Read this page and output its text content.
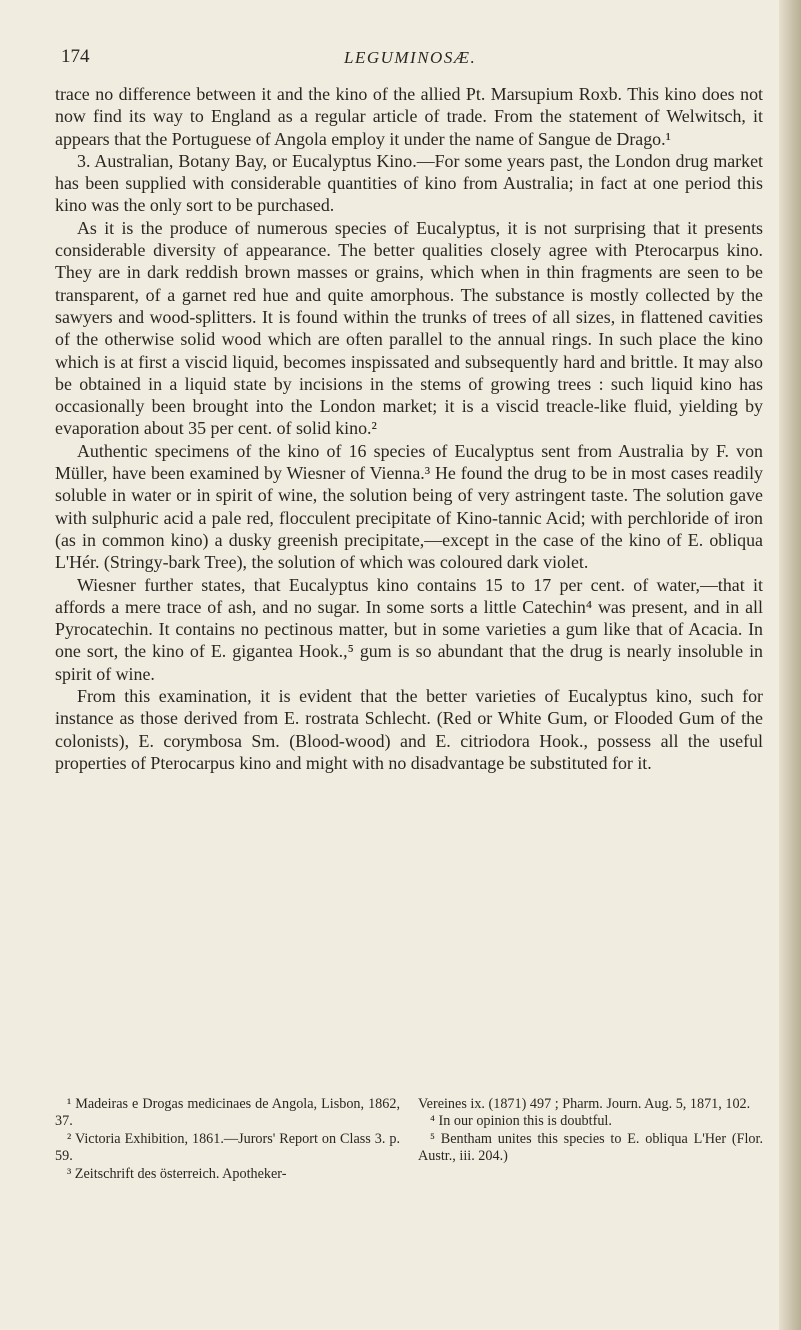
174	LEGUMINOSÆ.

trace no difference between it and the kino of the allied Pt. Marsupium Roxb. This kino does not now find its way to England as a regular article of trade. From the statement of Welwitsch, it appears that the Portuguese of Angola employ it under the name of Sangue de Drago.¹

3. Australian, Botany Bay, or Eucalyptus Kino.—For some years past, the London drug market has been supplied with considerable quantities of kino from Australia; in fact at one period this kino was the only sort to be purchased.

As it is the produce of numerous species of Eucalyptus, it is not surprising that it presents considerable diversity of appearance. The better qualities closely agree with Pterocarpus kino. They are in dark reddish brown masses or grains, which when in thin fragments are seen to be transparent, of a garnet red hue and quite amorphous. The substance is mostly collected by the sawyers and wood-splitters. It is found within the trunks of trees of all sizes, in flattened cavities of the otherwise solid wood which are often parallel to the annual rings. In such place the kino which is at first a viscid liquid, becomes inspissated and subsequently hard and brittle. It may also be obtained in a liquid state by incisions in the stems of growing trees : such liquid kino has occasionally been brought into the London market; it is a viscid treacle-like fluid, yielding by evaporation about 35 per cent. of solid kino.²

Authentic specimens of the kino of 16 species of Eucalyptus sent from Australia by F. von Müller, have been examined by Wiesner of Vienna.³ He found the drug to be in most cases readily soluble in water or in spirit of wine, the solution being of very astringent taste. The solution gave with sulphuric acid a pale red, flocculent precipitate of Kino-tannic Acid; with perchloride of iron (as in common kino) a dusky greenish precipitate,—except in the case of the kino of E. obliqua L'Hér. (Stringy-bark Tree), the solution of which was coloured dark violet.

Wiesner further states, that Eucalyptus kino contains 15 to 17 per cent. of water,—that it affords a mere trace of ash, and no sugar. In some sorts a little Catechin⁴ was present, and in all Pyrocatechin. It contains no pectinous matter, but in some varieties a gum like that of Acacia. In one sort, the kino of E. gigantea Hook.,⁵ gum is so abundant that the drug is nearly insoluble in spirit of wine.

From this examination, it is evident that the better varieties of Eucalyptus kino, such for instance as those derived from E. rostrata Schlecht. (Red or White Gum, or Flooded Gum of the colonists), E. corymbosa Sm. (Blood-wood) and E. citriodora Hook., possess all the useful properties of Pterocarpus kino and might with no disadvantage be substituted for it.

¹ Madeiras e Drogas medicinaes de Angola, Lisbon, 1862, 37.

² Victoria Exhibition, 1861.—Jurors' Report on Class 3. p. 59.

³ Zeitschrift des österreich. Apotheker-

Vereines ix. (1871) 497 ; Pharm. Journ. Aug. 5, 1871, 102.

⁴ In our opinion this is doubtful.

⁵ Bentham unites this species to E. obliqua L'Her (Flor. Austr., iii. 204.)
